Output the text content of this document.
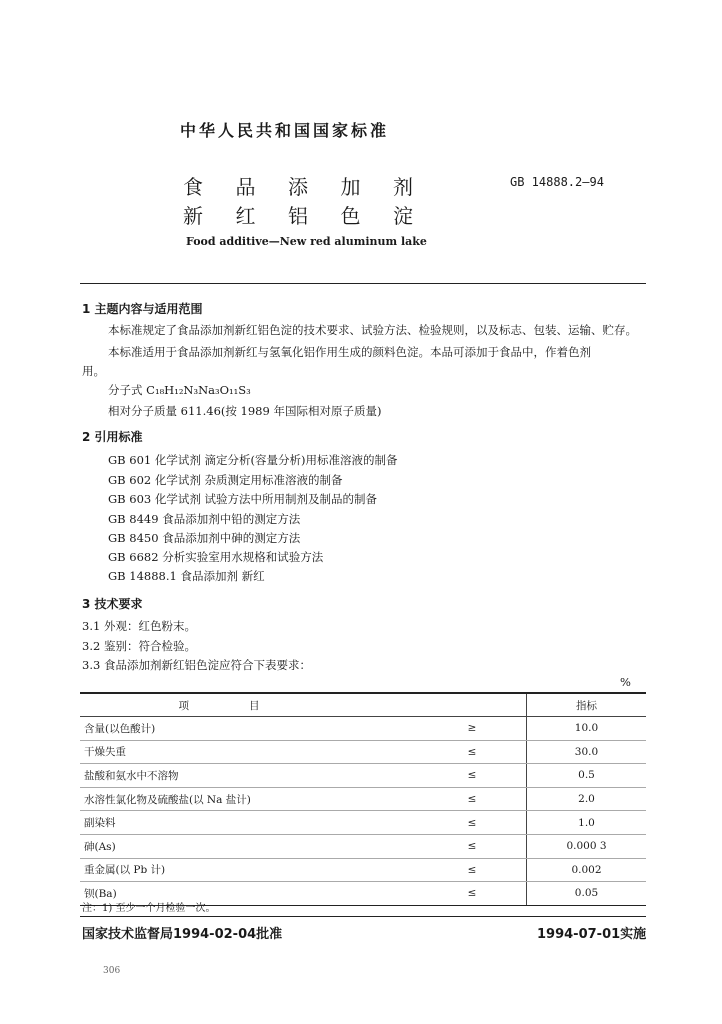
中华人民共和国国家标准
食 品 添 加 剂
新 红 铝 色 淀
GB 14888.2—94
Food additive—New red aluminum lake
1 主题内容与适用范围
本标准规定了食品添加剂新红铝色淀的技术要求、试验方法、检验规则，以及标志、包装、运输、贮存。
本标准适用于食品添加剂新红与氢氧化铝作用生成的颜料色淀。本品可添加于食品中，作着色剂
用。
分子式 C₁₈H₁₂N₃Na₃O₁₁S₃
相对分子质量 611.46(按 1989 年国际相对原子质量)
2 引用标准
GB 601 化学试剂 滴定分析(容量分析)用标准溶液的制备
GB 602 化学试剂 杂质测定用标准溶液的制备
GB 603 化学试剂 试验方法中所用制剂及制品的制备
GB 8449 食品添加剂中铅的测定方法
GB 8450 食品添加剂中砷的测定方法
GB 6682 分析实验室用水规格和试验方法
GB 14888.1 食品添加剂 新红
3 技术要求
3.1 外观：红色粉末。
3.2 鉴别：符合检验。
3.3 食品添加剂新红铝色淀应符合下表要求：
%
项目		指标
含量(以色酸计)	≥	10.0
干燥失重	≤	30.0
盐酸和氨水中不溶物	≤	0.5
水溶性氯化物及硫酸盐(以 Na 盐计)	≤	2.0
副染料	≤	1.0
砷(As)	≤	0.000 3
重金属(以 Pb 计)	≤	0.002
钡(Ba)	≤	0.05
注：1) 至少一个月检验一次。
国家技术监督局1994-02-04批准	1994-07-01实施
306
